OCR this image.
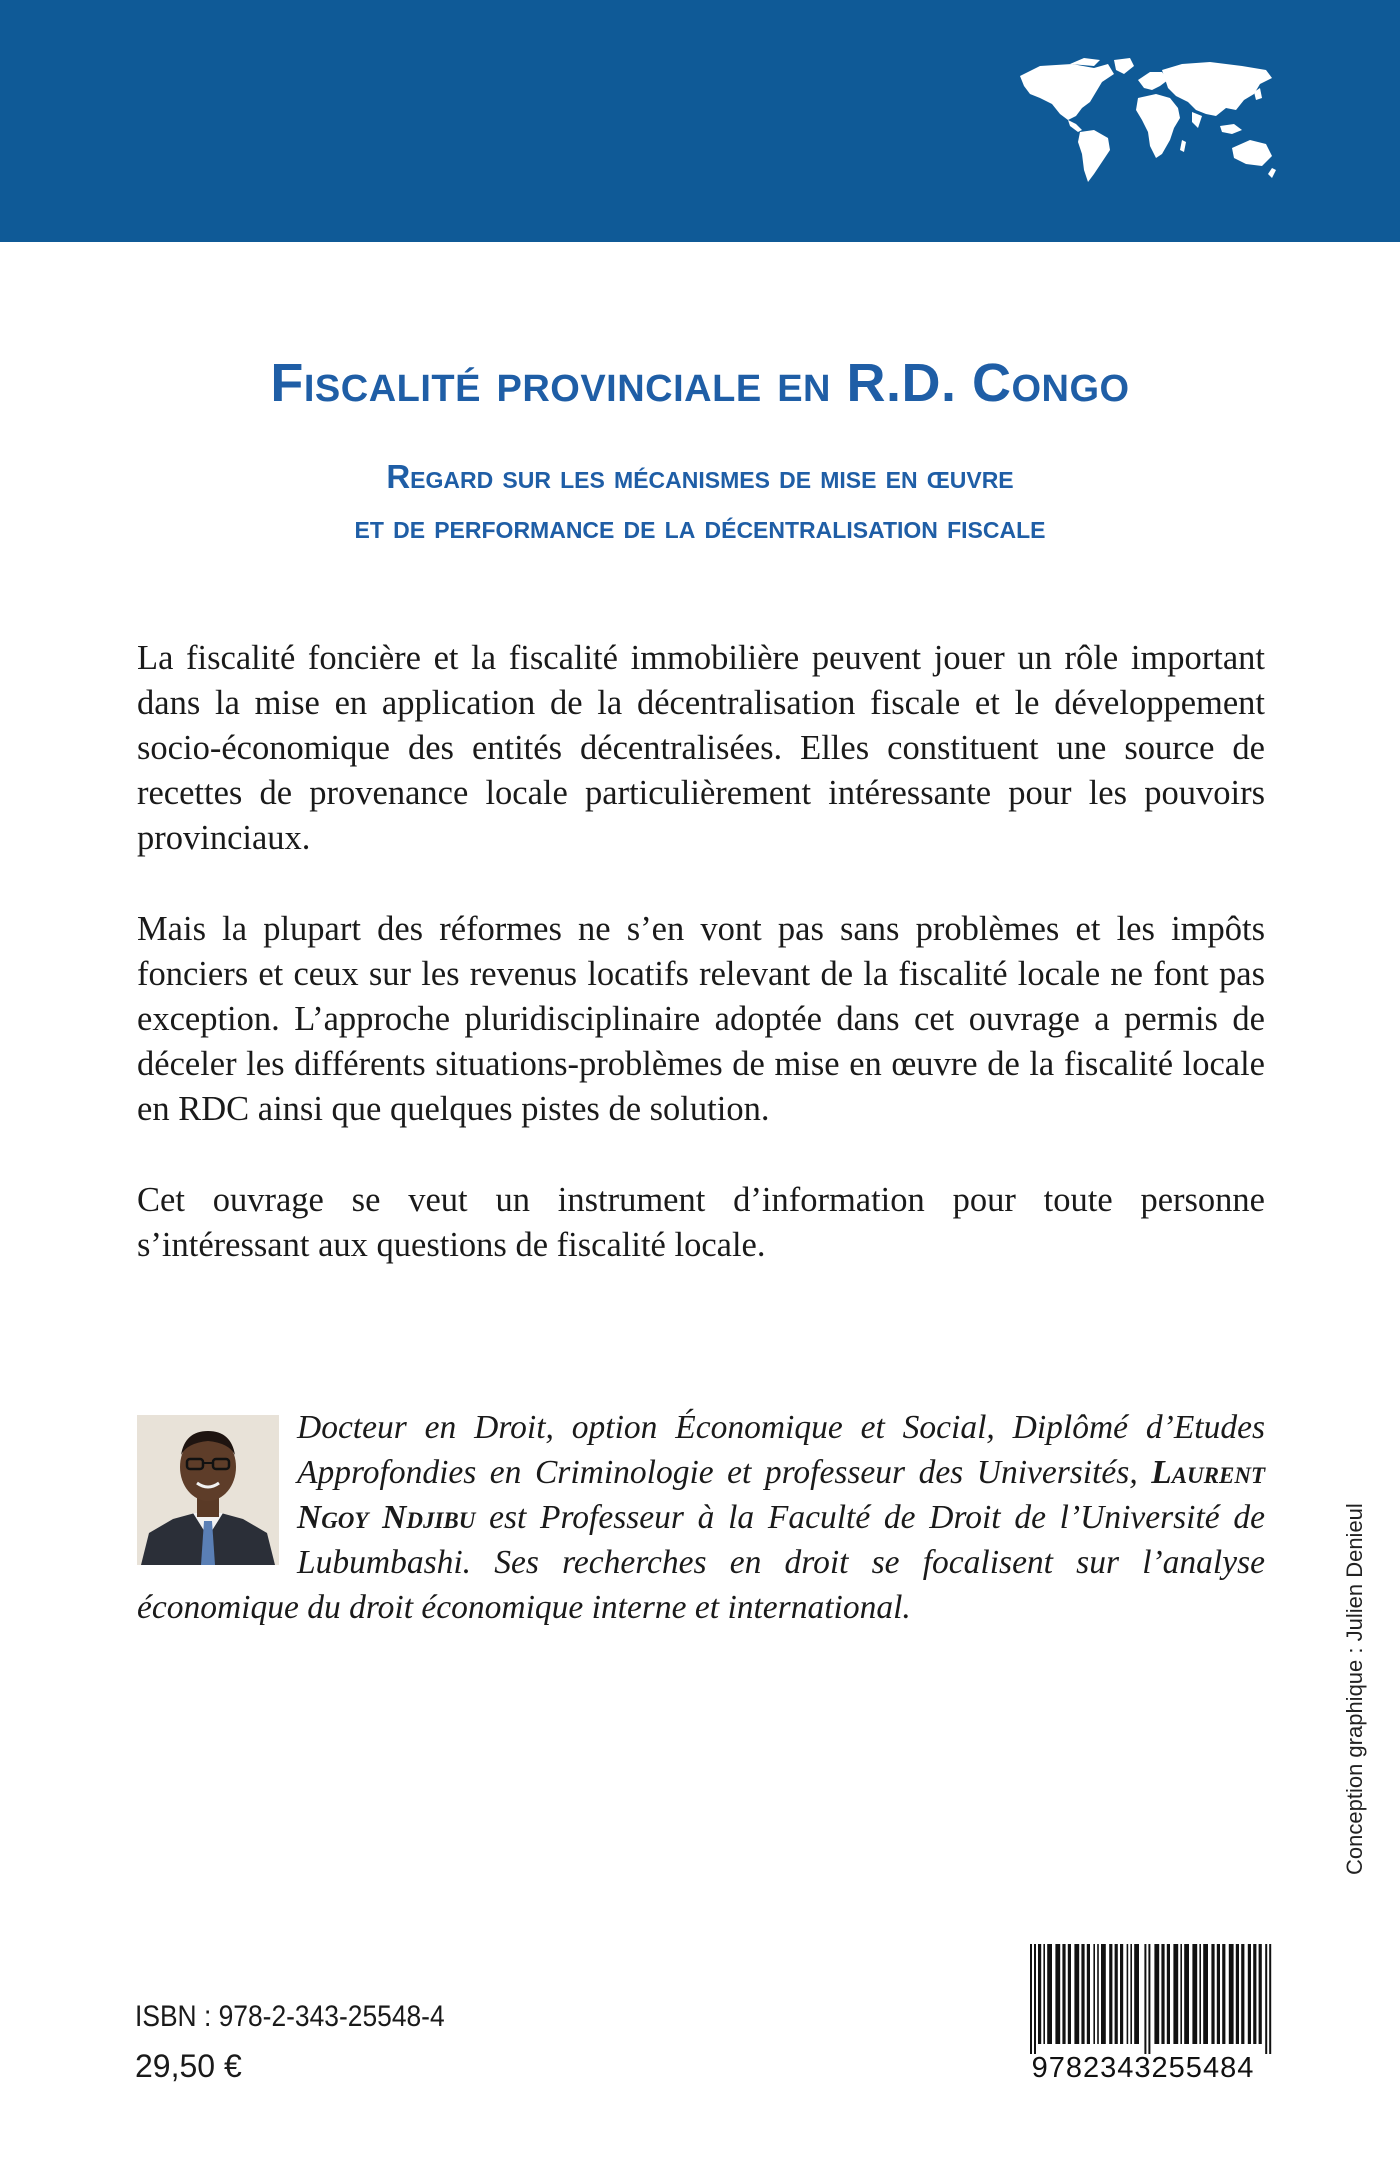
Fiscalité provinciale en R.D. Congo
Regard sur les mécanismes de mise en œuvre
et de performance de la décentralisation fiscale

La fiscalité foncière et la fiscalité immobilière peuvent jouer un rôle important dans la mise en application de la décentralisation fiscale et le développement socio-économique des entités décentralisées. Elles constituent une source de recettes de provenance locale particulièrement intéressante pour les pouvoirs provinciaux.

Mais la plupart des réformes ne s’en vont pas sans problèmes et les impôts fonciers et ceux sur les revenus locatifs relevant de la fiscalité locale ne font pas exception. L’approche pluridisciplinaire adoptée dans cet ouvrage a permis de déceler les différents situations-problèmes de mise en œuvre de la fiscalité locale en RDC ainsi que quelques pistes de solution.

Cet ouvrage se veut un instrument d’information pour toute personne s’intéressant aux questions de fiscalité locale.

Docteur en Droit, option Économique et Social, Diplômé d’Etudes Approfondies en Criminologie et professeur des Universités, Laurent Ngoy Ndjibu est Professeur à la Faculté de Droit de l’Université de Lubumbashi. Ses recherches en droit se focalisent sur l’analyse économique du droit économique interne et international.	Conception graphique : Julien Denieul
ISBN : 978-2-343-25548-4
29,50 €	9782343255484
